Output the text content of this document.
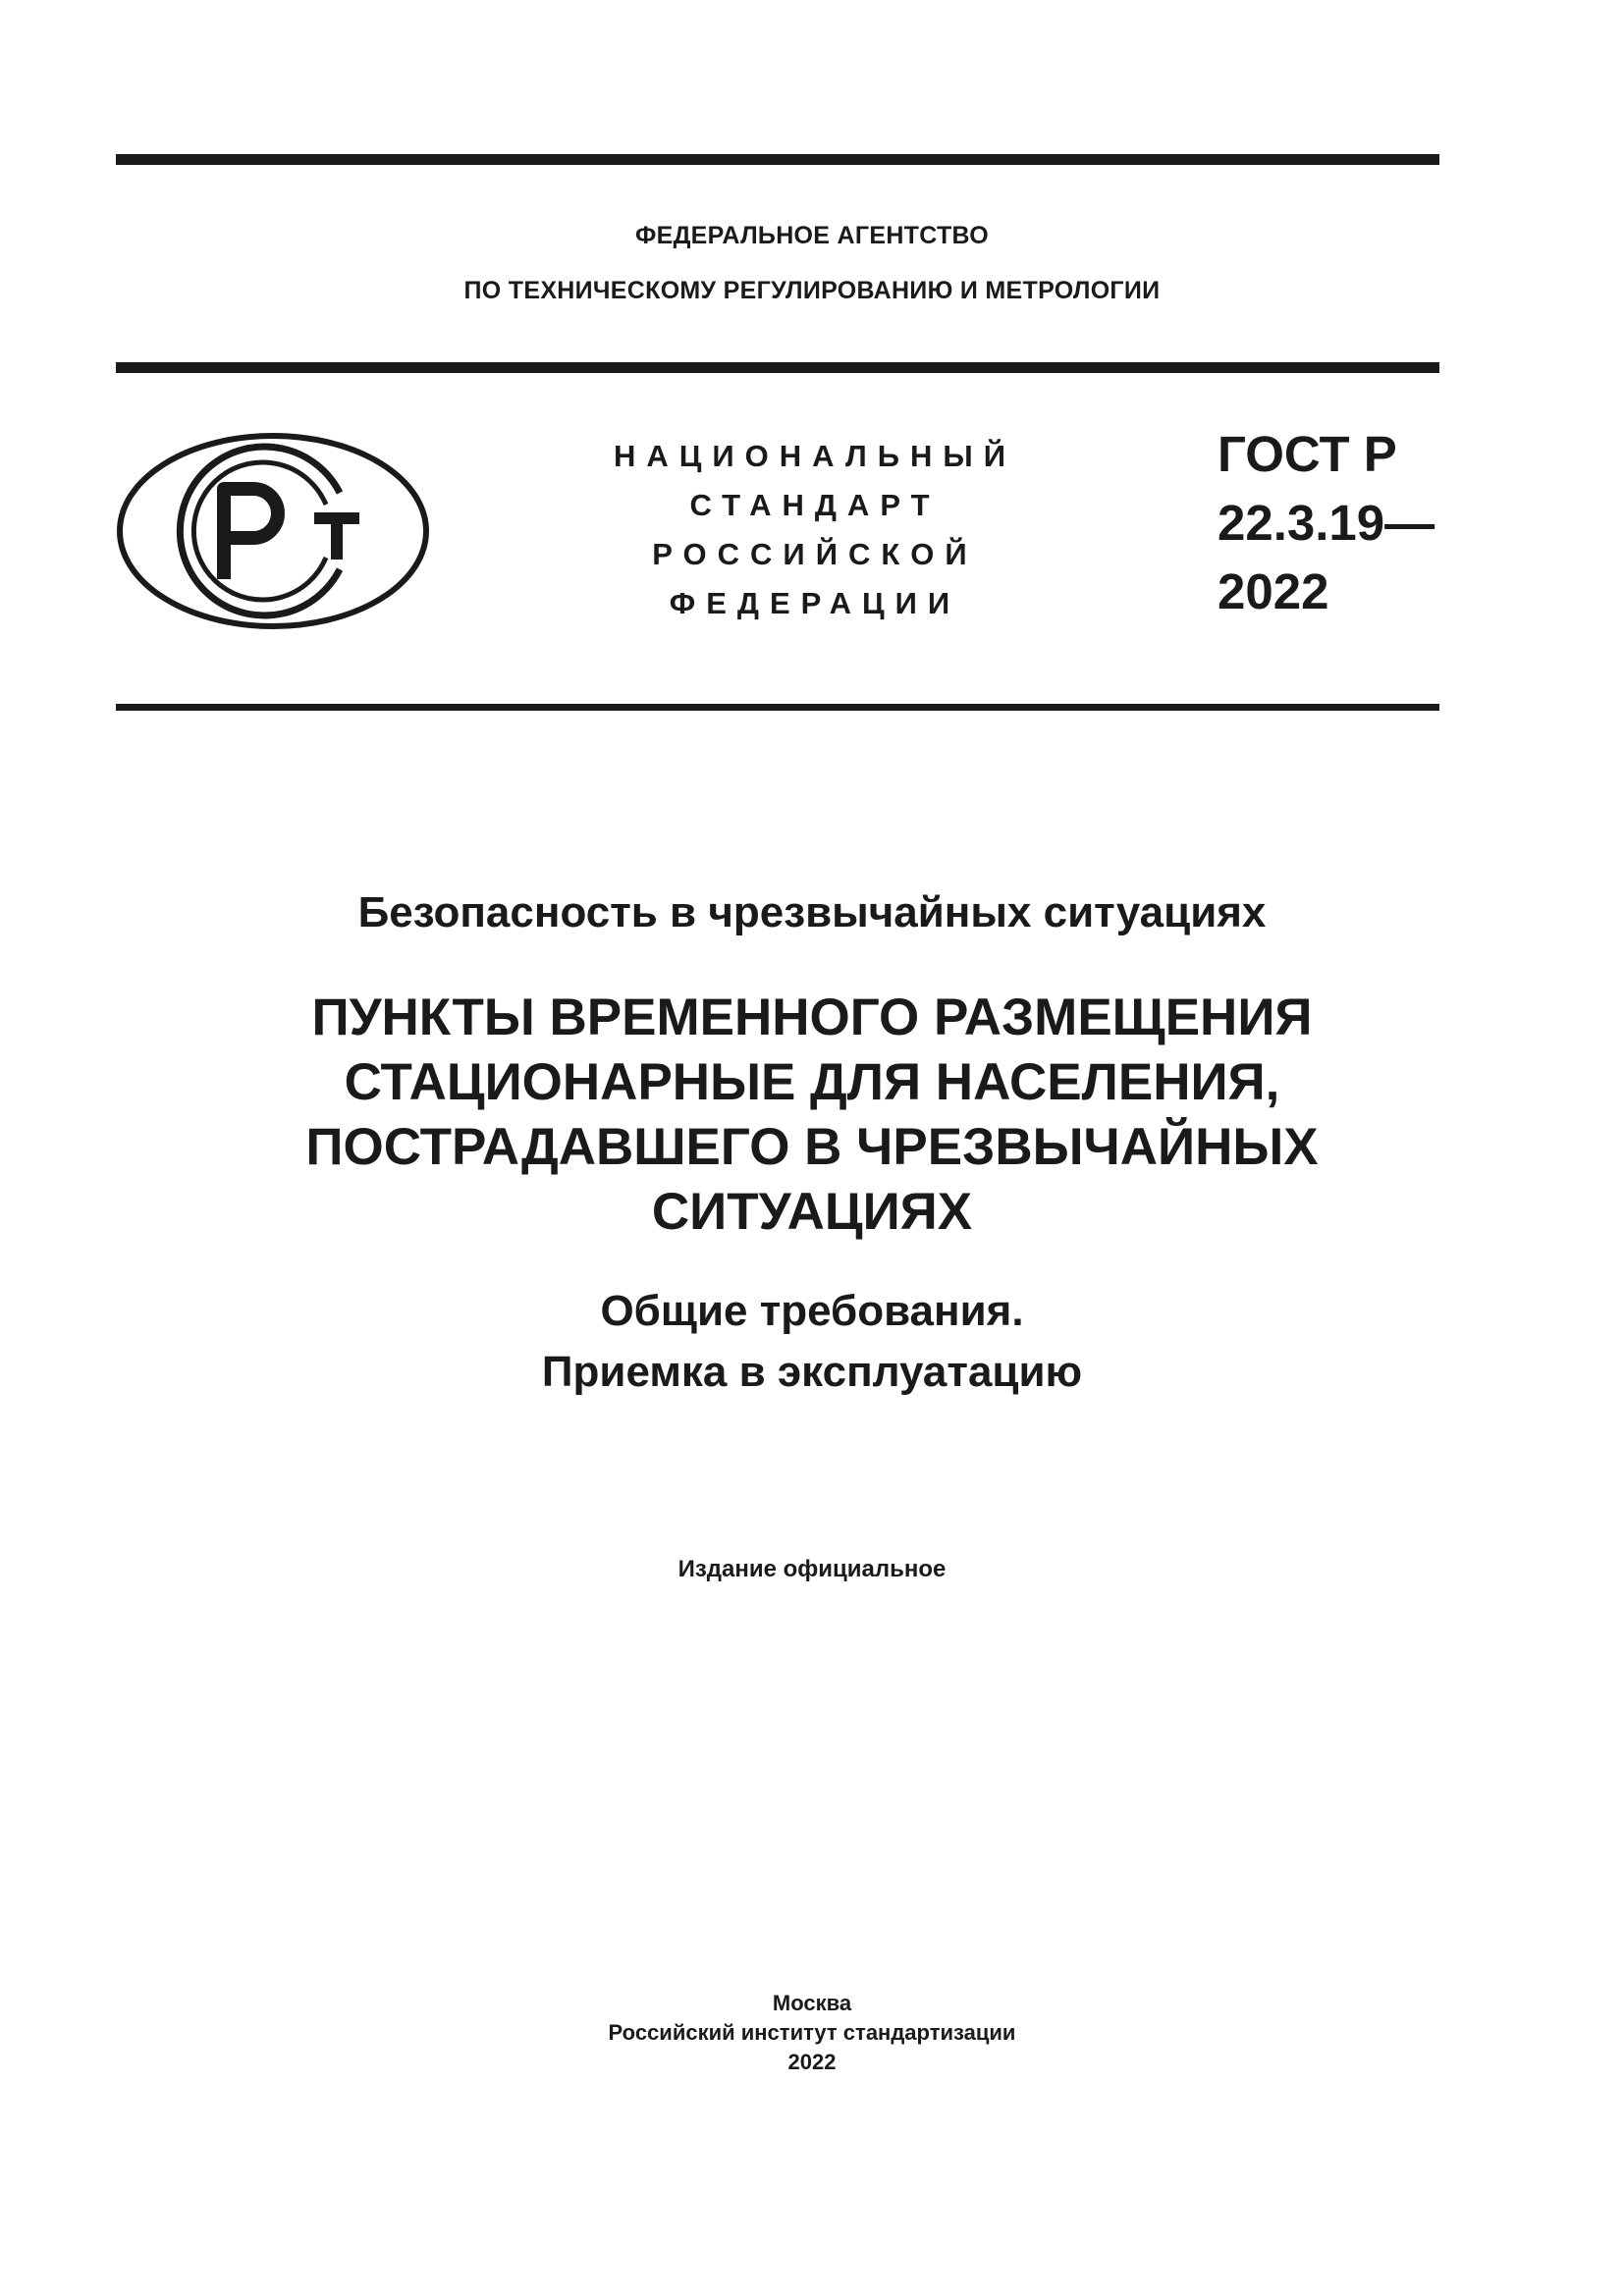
ФЕДЕРАЛЬНОЕ АГЕНТСТВО
ПО ТЕХНИЧЕСКОМУ РЕГУЛИРОВАНИЮ И МЕТРОЛОГИИ
НАЦИОНАЛЬНЫЙ
СТАНДАРТ
РОССИЙСКОЙ
ФЕДЕРАЦИИ
ГОСТ Р
22.3.19—
2022
Безопасность в чрезвычайных ситуациях
ПУНКТЫ ВРЕМЕННОГО РАЗМЕЩЕНИЯ
СТАЦИОНАРНЫЕ ДЛЯ НАСЕЛЕНИЯ,
ПОСТРАДАВШЕГО В ЧРЕЗВЫЧАЙНЫХ
СИТУАЦИЯХ
Общие требования.
Приемка в эксплуатацию
Издание официальное
Москва
Российский институт стандартизации
2022
